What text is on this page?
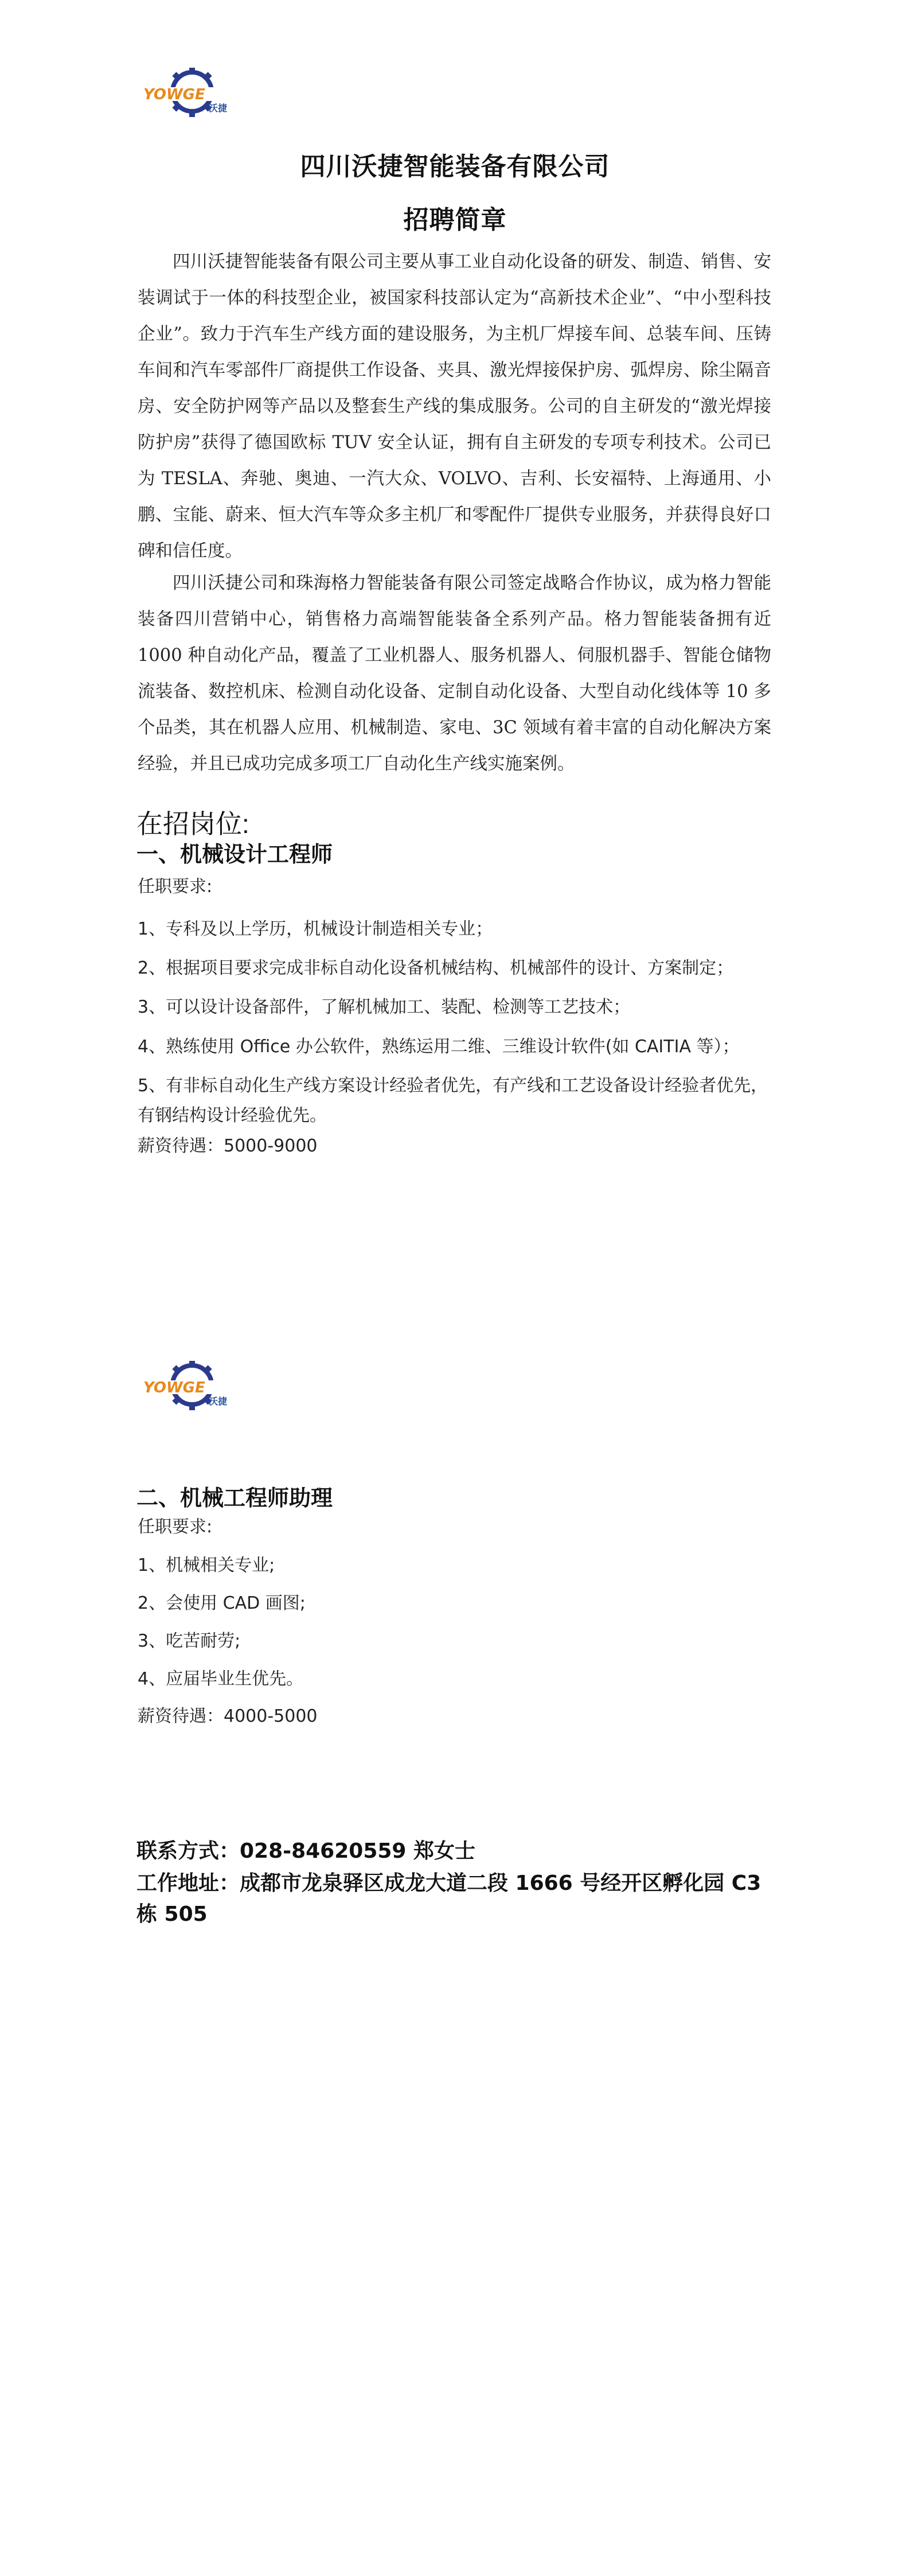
YOWGE
沃捷
四川沃捷智能装备有限公司
招聘简章

四川沃捷智能装备有限公司主要从事工业自动化设备的研发、制造、销售、安装调试于一体的科技型企业，被国家科技部认定为“高新技术企业”、“中小型科技企业”。致力于汽车生产线方面的建设服务，为主机厂焊接车间、总装车间、压铸车间和汽车零部件厂商提供工作设备、夹具、激光焊接保护房、弧焊房、除尘隔音房、安全防护网等产品以及整套生产线的集成服务。公司的自主研发的“激光焊接防护房”获得了德国欧标 TUV 安全认证，拥有自主研发的专项专利技术。公司已为 TESLA、奔驰、奥迪、一汽大众、VOLVO、吉利、长安福特、上海通用、小鹏、宝能、蔚来、恒大汽车等众多主机厂和零配件厂提供专业服务，并获得良好口碑和信任度。

四川沃捷公司和珠海格力智能装备有限公司签定战略合作协议，成为格力智能装备四川营销中心，销售格力高端智能装备全系列产品。格力智能装备拥有近 1000 种自动化产品，覆盖了工业机器人、服务机器人、伺服机器手、智能仓储物流装备、数控机床、检测自动化设备、定制自动化设备、大型自动化线体等 10 多个品类，其在机器人应用、机械制造、家电、3C 领域有着丰富的自动化解决方案经验，并且已成功完成多项工厂自动化生产线实施案例。

在招岗位:
一、机械设计工程师

任职要求:

1、专科及以上学历，机械设计制造相关专业；

2、根据项目要求完成非标自动化设备机械结构、机械部件的设计、方案制定；

3、可以设计设备部件，了解机械加工、装配、检测等工艺技术；

4、熟练使用 Office 办公软件，熟练运用二维、三维设计软件(如 CAITIA 等）；

5、有非标自动化生产线方案设计经验者优先，有产线和工艺设备设计经验者优先，有钢结构设计经验优先。

薪资待遇：5000-9000

YOWGE
沃捷
二、机械工程师助理

任职要求:

1、机械相关专业;

2、会使用 CAD 画图;

3、吃苦耐劳;

4、应届毕业生优先。

薪资待遇：4000-5000

联系方式：028-84620559 郑女士

工作地址：成都市龙泉驿区成龙大道二段 1666 号经开区孵化园 C3 栋 505
